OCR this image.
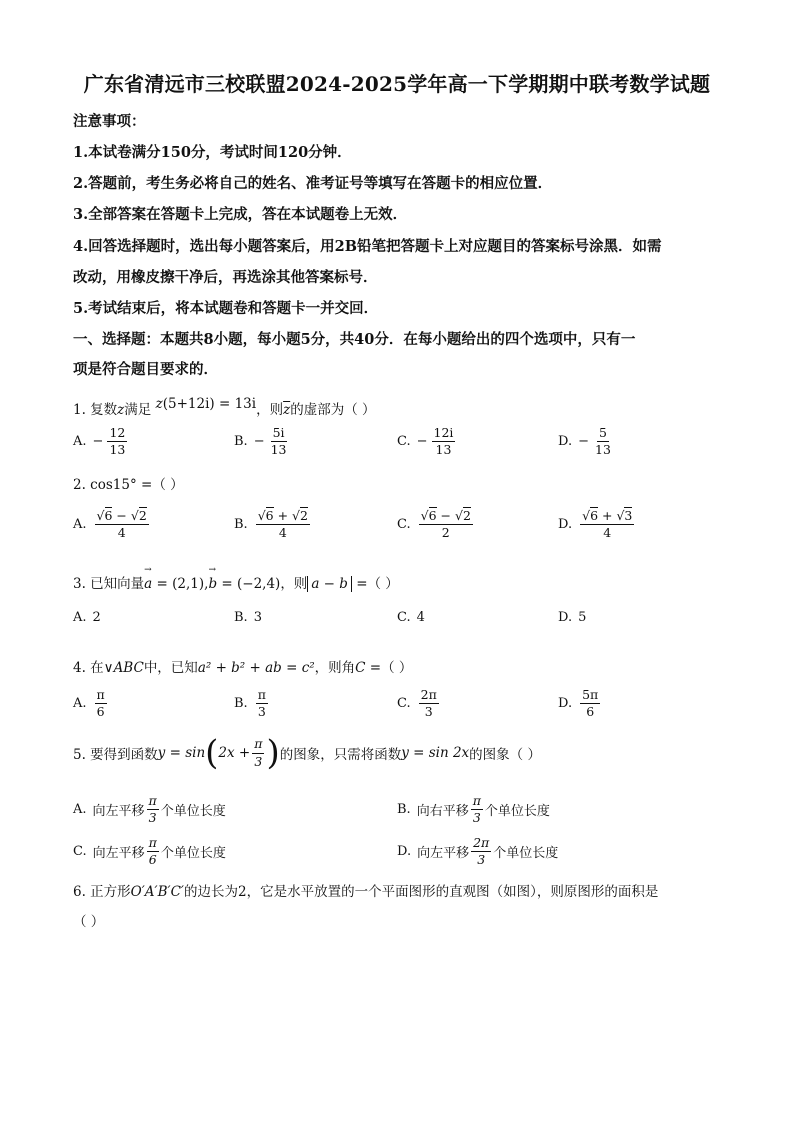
广东省清远市三校联盟2024-2025学年高一下学期期中联考数学试题
注意事项：
1.本试卷满分150分，考试时间120分钟．
2.答题前，考生务必将自己的姓名、准考证号等填写在答题卡的相应位置．
3.全部答案在答题卡上完成，答在本试题卷上无效．
4.回答选择题时，选出每小题答案后，用2B铅笔把答题卡上对应题目的答案标号涂黑．如需
改动，用橡皮擦干净后，再选涂其他答案标号．
5.考试结束后，将本试题卷和答题卡一并交回．
一、选择题：本题共8小题，每小题5分，共40分．在每小题给出的四个选项中，只有一
项是符合题目要求的．
1. 复数z满足 z(5+12i) = 13i，则$\overline{z}$的虚部为（ ）
A. − $\frac{12}{13}$	B. − $\frac{5i}{13}$	C. − $\frac{12i}{13}$	D. − $\frac{5}{13}$
2. cos15° =（ ）
A. $\frac{√6 - √2}{4}$	B. $\frac{√6 + √2}{4}$	C. $\frac{√6 - √2}{2}$	D. $\frac{√6 + √3}{4}$
3. 已知向量→ a = (2,1),→ b = (−2,4)，则 a − b =（ ）
A. 2	B. 3	C. 4	D. 5
4. 在∨ABC中，已知a² + b² + ab = c²，则角C =（ ）
A. $\frac{\pi}{6}$	B. $\frac{\pi}{3}$	C. $\frac{2\pi}{3}$	D. $\frac{5\pi}{6}$
5. 要得到函数 y = sin ( $2x + \frac{\pi}{3}$ ) 的图象，只需将函数 y = sin 2x 的图象（ ）
A. 向左平移 $\frac{\pi}{3}$ 个单位长度	B. 向右平移 $\frac{\pi}{3}$ 个单位长度
C. 向左平移 $\frac{\pi}{6}$ 个单位长度	D. 向左平移 $\frac{2\pi}{3}$ 个单位长度
6. 正方形O′A′B′C′的边长为2，它是水平放置的一个平面图形的直观图（如图），则原图形的面积是
（ ）
